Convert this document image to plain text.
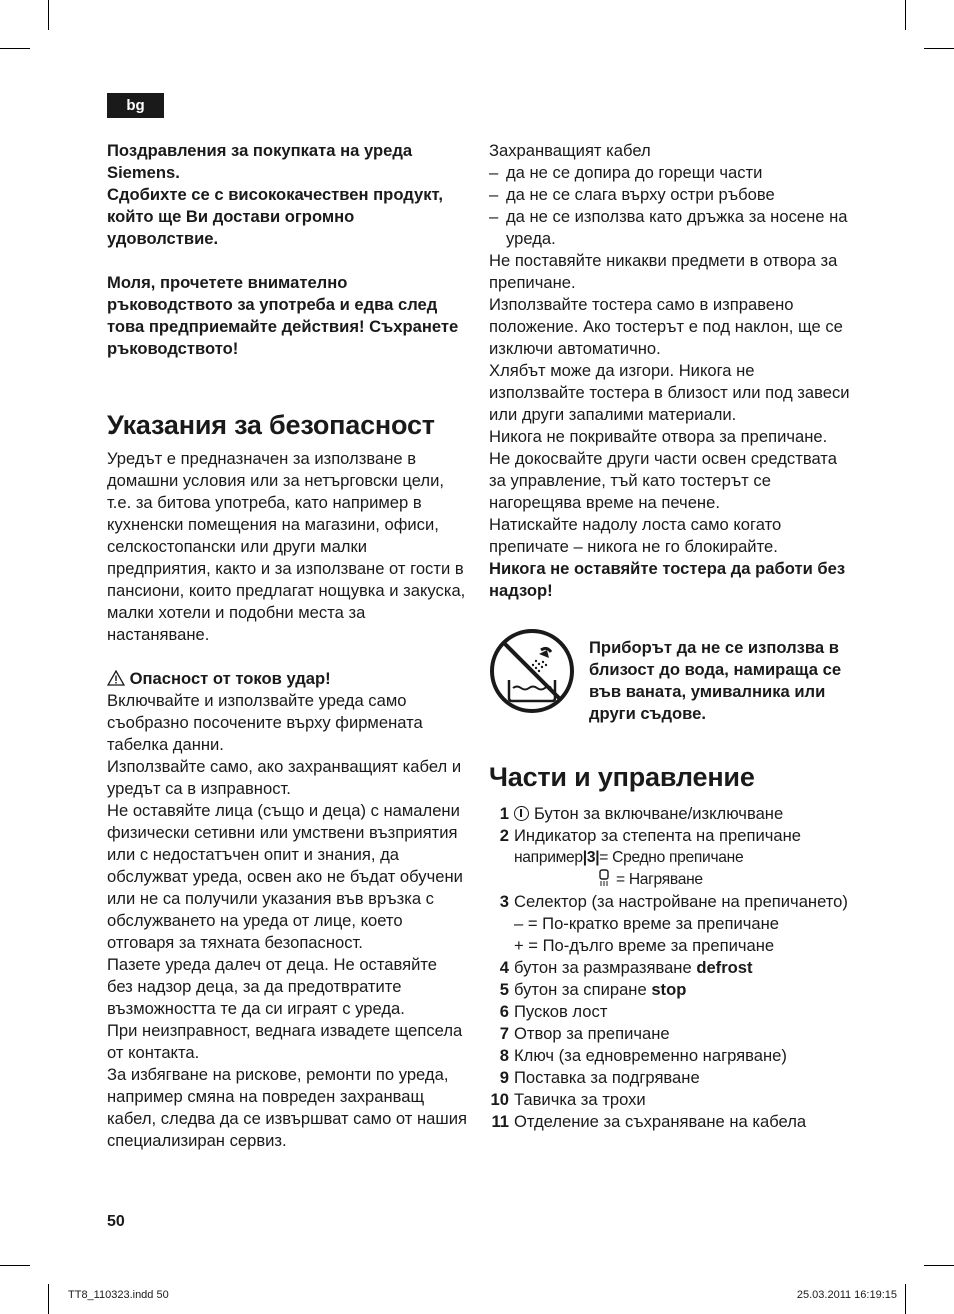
bg

Поздравления за покупката на уреда Siemens.

Сдобихте се с висококачествен продукт, който ще Ви достави огромно удоволствие.

Моля, прочетете внимателно ръководството за употреба и едва след това предприемайте действия! Съхранете ръководството!

Указания за безопасност

Уредът е предназначен за използване в домашни условия или за нетърговски цели, т.е. за битова употреба, като например в кухненски помещения на магазини, офиси, селскостопански или други малки предприятия, както и за използване от гости в пансиони, които предлагат нощувка и закуска, малки хотели и подобни места за настаняване.

Опасност от токов удар!

Включвайте и използвайте уреда само съобразно посочените върху фирмената табелка данни.

Използвайте само, ако захранващият кабел и уредът са в изправност.

Не оставяйте лица (също и деца) с намалени физически сетивни или умствени възприятия или с недостатъчен опит и знания, да обслужват уреда, освен ако не бъдат обучени или не са получили указания във връзка с обслужването на уреда от лице, което отговаря за тяхната безопасност.

Пазете уреда далеч от деца. Не оставяйте без надзор деца, за да предотвратите възможността те да си играят с уреда.

При неизправност, веднага извадете щепсела от контакта.

За избягване на рискове, ремонти по уреда, например смяна на повреден захранващ кабел, следва да се извършват само от нашия специализиран сервиз.

Захранващият кабел

– да не се допира до горещи части
– да не се слага върху остри ръбове
– да не се използва като дръжка за носене на уреда.

Не поставяйте никакви предмети в отвора за препичане.

Използвайте тостера само в изправено положение. Ако тостерът е под наклон, ще се изключи автоматично.

Хлябът може да изгори. Никога не използвайте тостера в близост или под завеси или други запалими материали.

Никога не покривайте отвора за препичане.

Не докосвайте други части освен средствата за управление, тъй като тостерът се нагорещява време на печене.

Натискайте надолу лоста само когато препичате – никога не го блокирайте.

Никога не оставяйте тостера да работи без надзор!

Приборът да не се използва в близост до вода, намираща се във ваната, умивалника или други съдове.

Части и управление
1	Бутон за включване/изключване
2 Индикатор за степента на препичане
например |3| = Средно препичане
= Нагряване
3 Селектор (за настройване на препичането)
– = По-кратко време за препичане
+ = По-дълго време за препичане
4 бутон за размразяване defrost
5 бутон за спиране stop
6 Пусков лост
7 Отвор за препичане
8 Ключ (за едновременно нагряване)
9 Поставка за подгряване
10 Тавичка за трохи
11 Отделение за съхраняване на кабела
50
TT8_110323.indd 50	25.03.2011 16:19:15
